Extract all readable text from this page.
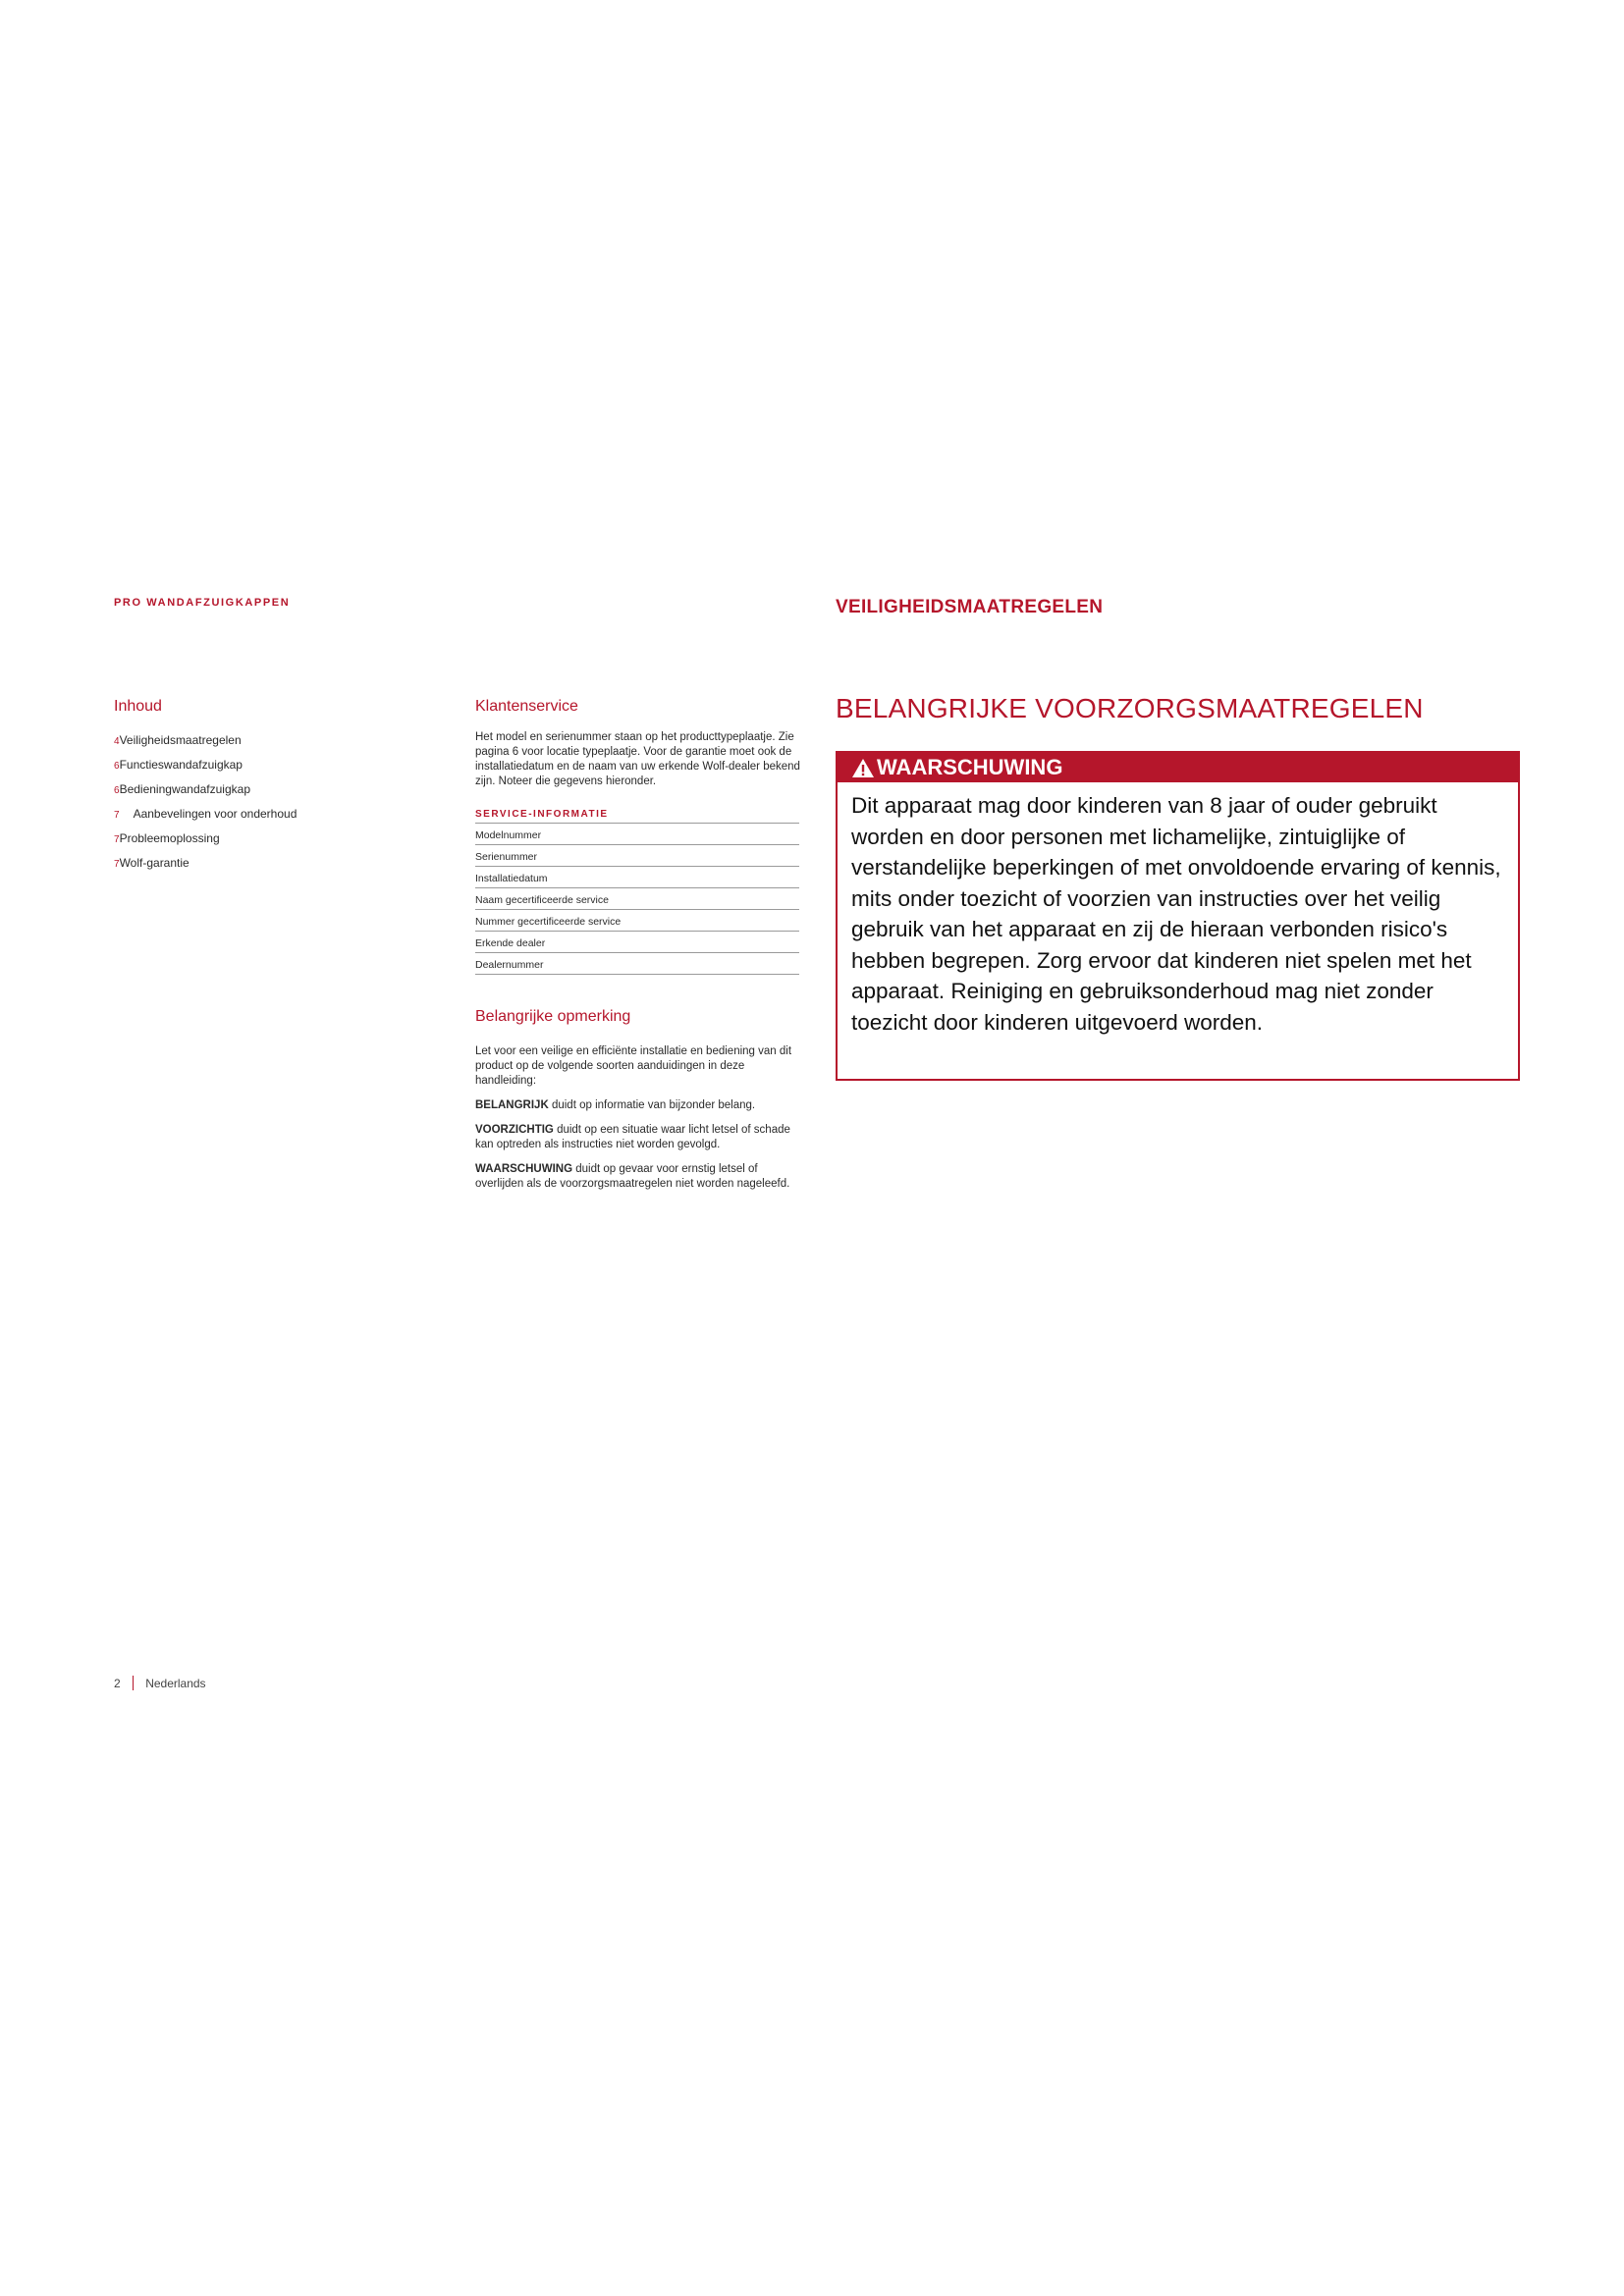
PRO WANDAFZUIGKAPPEN	VEILIGHEIDSMAATREGELEN
Inhoud
4Veiligheidsmaatregelen
6Functieswandafzuigkap
6Bedieningwandafzuigkap
7 Aanbevelingen voor onderhoud
7Probleemoplossing
7Wolf-garantie
Klantenservice

Het model en serienummer staan op het producttypeplaatje. Zie pagina 6 voor locatie typeplaatje. Voor de garantie moet ook de installatiedatum en de naam van uw erkende Wolf-dealer bekend zijn. Noteer die gegevens hieronder.

SERVICE-INFORMATIE
Modelnummer
Serienummer
Installatiedatum
Naam gecertificeerde service
Nummer gecertificeerde service
Erkende dealer
Dealernummer
Belangrijke opmerking

Let voor een veilige en efficiënte installatie en bediening van dit product op de volgende soorten aanduidingen in deze handleiding:

BELANGRIJK duidt op informatie van bijzonder belang.

VOORZICHTIG duidt op een situatie waar licht letsel of schade kan optreden als instructies niet worden gevolgd.

WAARSCHUWING duidt op gevaar voor ernstig letsel of overlijden als de voorzorgsmaatregelen niet worden nageleefd.

BELANGRIJKE VOORZORGSMAATREGELEN
WAARSCHUWING
Dit apparaat mag door kinderen van 8 jaar of ouder gebruikt worden en door personen met lichamelijke, zintuiglijke of verstandelijke beperkingen of met onvoldoende ervaring of kennis, mits onder toezicht of voorzien van instructies over het veilig gebruik van het apparaat en zij de hieraan verbonden risico's hebben begrepen. Zorg ervoor dat kinderen niet spelen met het apparaat. Reiniging en gebruiksonderhoud mag niet zonder toezicht door kinderen uitgevoerd worden.
2 Nederlands
